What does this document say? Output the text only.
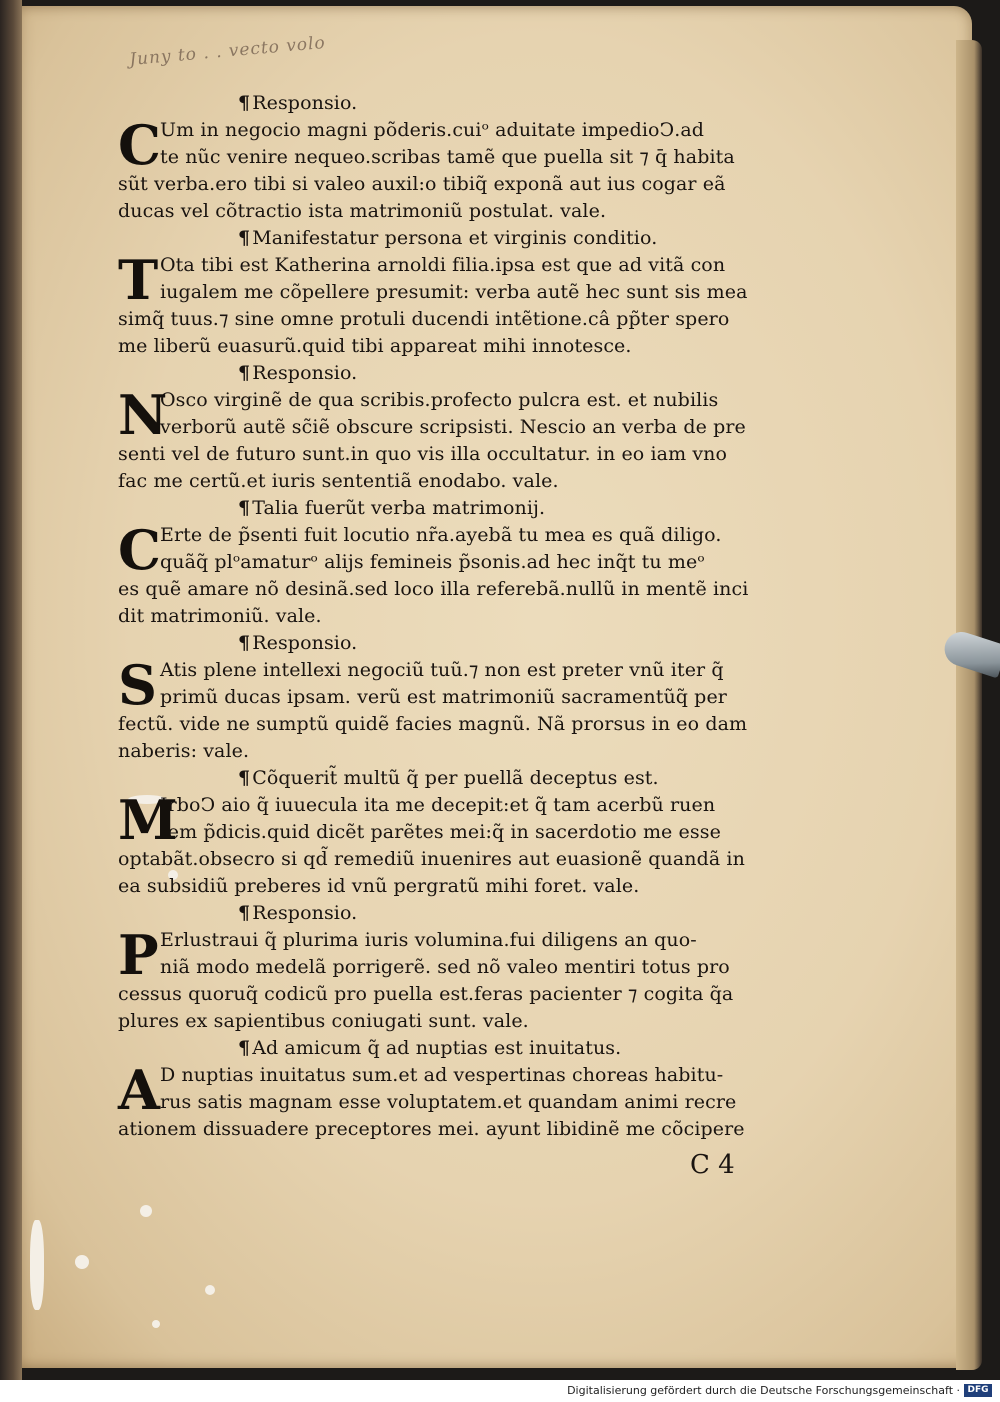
Juny to . . vecto volo
¶ Responsio.
C
Um in negocio magni põderis.cuiᵒ aduitate impedioↃ.ad
te nũc venire nequeo.scribas tamẽ que puella sit ⁊ q̄ habita
sũt verba.ero tibi si valeo auxil:o tibiq̃ exponã aut ius cogar eã
ducas vel cõtractio ista matrimoniũ postulat. vale.
¶ Manifestatur persona et virginis conditio.
T Ota tibi est Katherina arnoldi filia.ipsa est que ad vitã con
iugalem me cõpellere presumit: verba autẽ hec sunt sis mea
simq̃ tuus.⁊ sine omne protuli ducendi intẽtione.câ pp̃ter spero
me liberũ euasurũ.quid tibi appareat mihi innotesce.
¶ Responsio.
N
Osco virginẽ de qua scribis.profecto pulcra est. et nubilis
verborũ autẽ sc̃iẽ obscure scripsisti. Nescio an verba de pre
senti vel de futuro sunt.in quo vis illa occultatur. in eo iam vno
fac me certũ.et iuris sententiã enodabo. vale.
¶ Talia fuerũt verba matrimonij.
C
Erte de p̃senti fuit locutio nr̃a.ayebã tu mea es quã diligo.
quãq̃ plᵒamaturᵒ alijs femineis p̃sonis.ad hec inq̃t tu meᵒ
es quẽ amare nõ desinã.sed loco illa referebã.nullũ in mentẽ inci
dit matrimoniũ. vale.
¶ Responsio.
S Atis plene intellexi negociũ tuũ.⁊ non est preter vnũ iter q̃
primũ ducas ipsam. verũ est matrimoniũ sacramentũq̃ per
fectũ. vide ne sumptũ quidẽ facies magnũ. Nã prorsus in eo dam
naberis: vale.
¶ Cõquerit̃ multũ q̃ per puellã deceptus est.
M
IrboↃ aio q̃ iuuecula ita me decepit:et q̃ tam acerbũ ruen
tem p̃dicis.quid dicẽt parẽtes mei:q̃ in sacerdotio me esse
optabãt.obsecro si qd̃ remediũ inuenires aut euasionẽ quandã in
ea subsidiũ preberes id vnũ pergratũ mihi foret. vale.
¶ Responsio.
P Erlustraui q̃ plurima iuris volumina.fui diligens an quo‐
niã modo medelã porrigerẽ. sed nõ valeo mentiri totus pro
cessus quoruq̃ codicũ pro puella est.feras pacienter ⁊ cogita q̃a
plures ex sapientibus coniugati sunt. vale.
¶ Ad amicum q̃ ad nuptias est inuitatus.
A D nuptias inuitatus sum.et ad vespertinas choreas habitu‐
rus satis magnam esse voluptatem.et quandam animi recre
ationem dissuadere preceptores mei. ayunt libidinẽ me cõcipere
C 4
Digitalisierung gefördert durch die Deutsche Forschungsgemeinschaft · DFG
